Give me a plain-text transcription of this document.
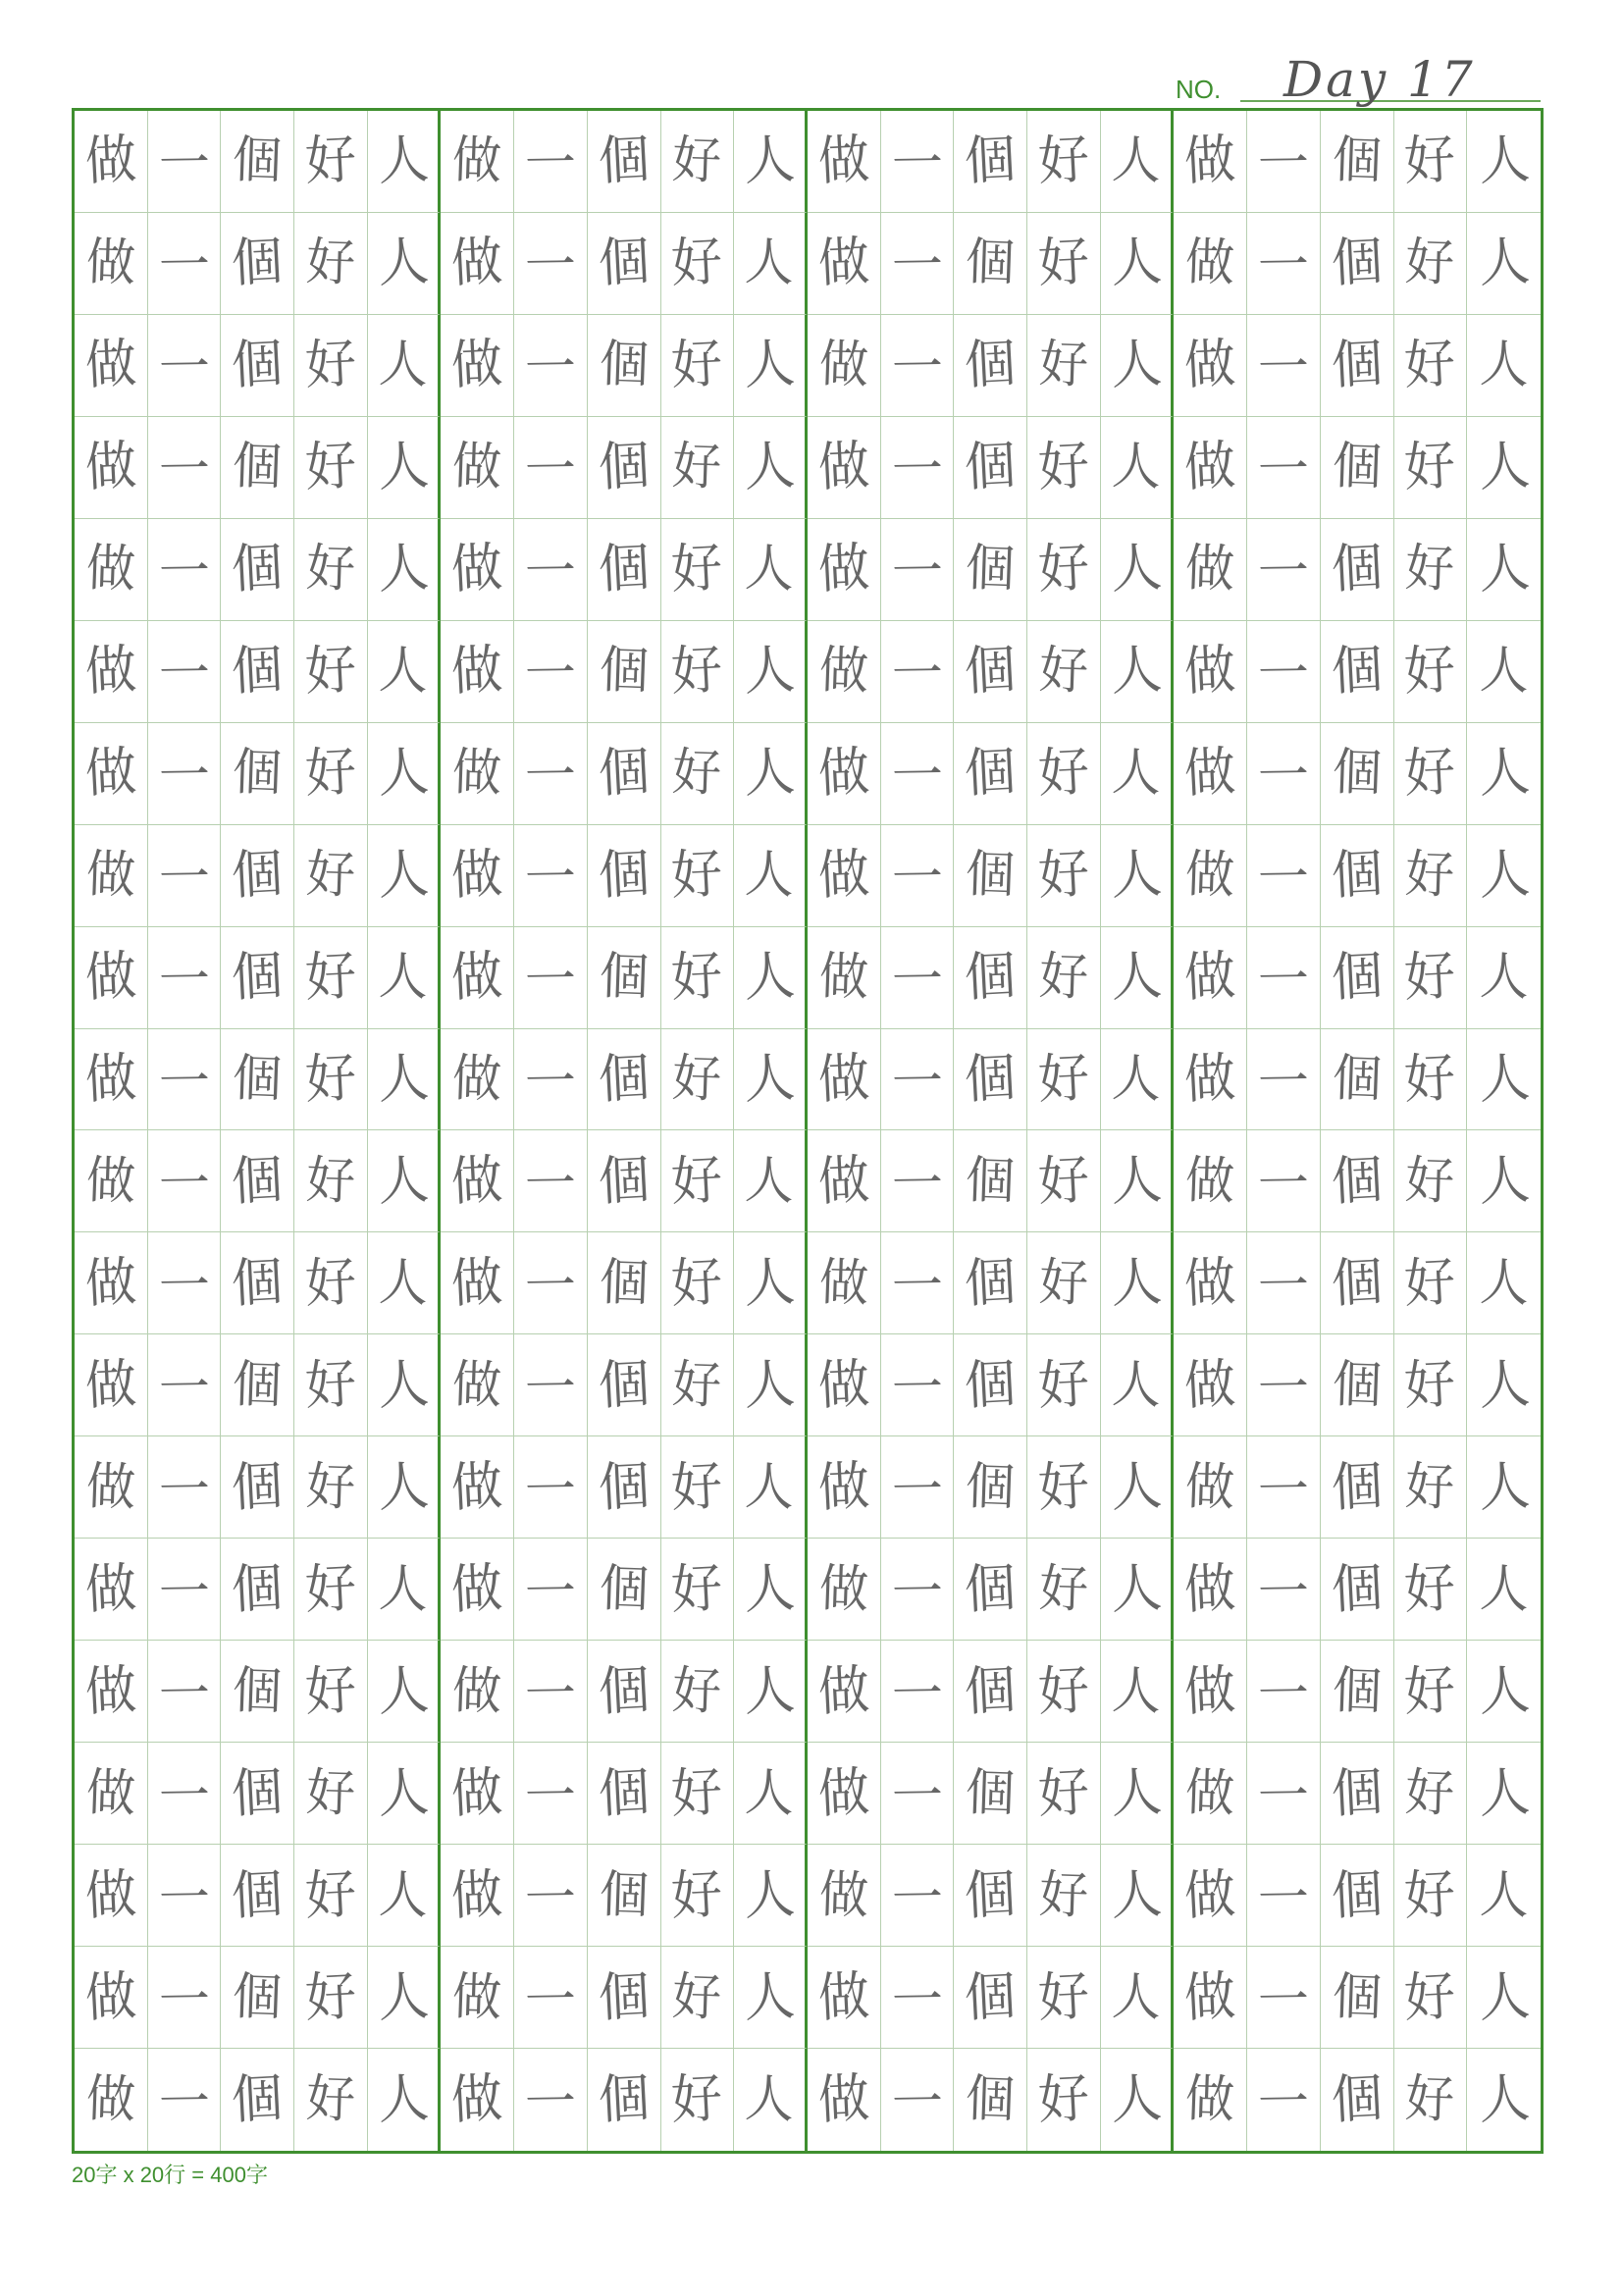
NO. Day 17
做 一 個 好 人 做 一 個 好 人 做 一 個 好 人 做 一 個 好 人
做 一 個 好 人 做 一 個 好 人 做 一 個 好 人 做 一 個 好 人
做 一 個 好 人 做 一 個 好 人 做 一 個 好 人 做 一 個 好 人
做 一 個 好 人 做 一 個 好 人 做 一 個 好 人 做 一 個 好 人
做 一 個 好 人 做 一 個 好 人 做 一 個 好 人 做 一 個 好 人
做 一 個 好 人 做 一 個 好 人 做 一 個 好 人 做 一 個 好 人
做 一 個 好 人 做 一 個 好 人 做 一 個 好 人 做 一 個 好 人
做 一 個 好 人 做 一 個 好 人 做 一 個 好 人 做 一 個 好 人
做 一 個 好 人 做 一 個 好 人 做 一 個 好 人 做 一 個 好 人
做 一 個 好 人 做 一 個 好 人 做 一 個 好 人 做 一 個 好 人
做 一 個 好 人 做 一 個 好 人 做 一 個 好 人 做 一 個 好 人
做 一 個 好 人 做 一 個 好 人 做 一 個 好 人 做 一 個 好 人
做 一 個 好 人 做 一 個 好 人 做 一 個 好 人 做 一 個 好 人
做 一 個 好 人 做 一 個 好 人 做 一 個 好 人 做 一 個 好 人
做 一 個 好 人 做 一 個 好 人 做 一 個 好 人 做 一 個 好 人
做 一 個 好 人 做 一 個 好 人 做 一 個 好 人 做 一 個 好 人
做 一 個 好 人 做 一 個 好 人 做 一 個 好 人 做 一 個 好 人
做 一 個 好 人 做 一 個 好 人 做 一 個 好 人 做 一 個 好 人
做 一 個 好 人 做 一 個 好 人 做 一 個 好 人 做 一 個 好 人
做 一 個 好 人 做 一 個 好 人 做 一 個 好 人 做 一 個 好 人
20字 x 20行 = 400字
